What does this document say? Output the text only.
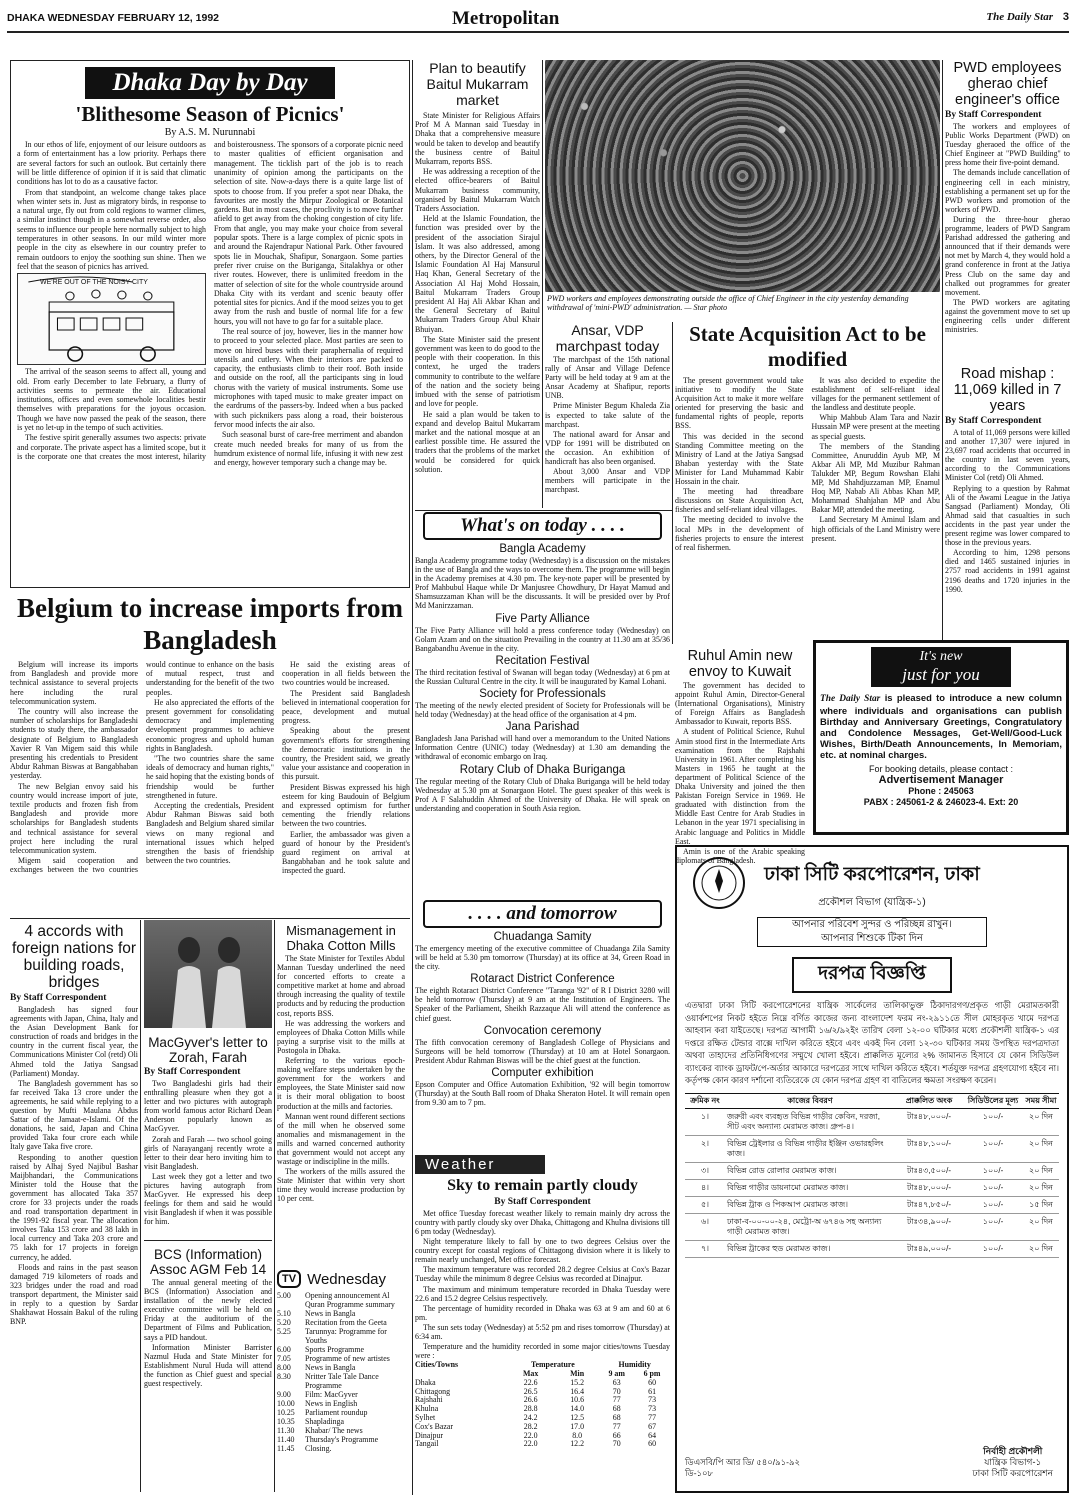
DHAKA WEDNESDAY FEBRUARY 12, 1992	Metropolitan	The Daily Star 3
Dhaka Day by Day
'Blithesome Season of Picnics'
By A.S. M. Nurunnabi

In our ethos of life, enjoyment of our leisure outdoors as a form of entertainment has a low priority. Perhaps there are several factors for such an outlook. But certainly there will be little difference of opinion if it is said that climatic conditions has lot to do as a causative factor.

From that standpoint, an welcome change takes place when winter sets in. Just as migratory birds, in response to a natural urge, fly out from cold regions to warmer climes, a similar instinct though in a somewhat reverse order, also seems to influence our people here normally subject to high temperatures in other seasons. In our mild winter more people in the city as elsewhere in our country prefer to remain outdoors to enjoy the soothing sun shine. Then we feel that the season of picnics has arrived.

WE'RE OUT OF THE NOISY CITY

The arrival of the season seems to affect all, young and old. From early December to late February, a flurry of activities seems to permeate the air. Educational institutions, offices and even somewhole localities bestir themselves with preparations for the joyous occasion. Though we have now passed the peak of the season, there is yet no let-up in the tempo of such activities.

The festive spirit generally assumes two aspects: private and corporate. The private aspect has a limited scope, but it is the corporate one that creates the most interest, hilarity and boisterousness. The sponsors of a corporate picnic need to master qualities of efficient organisation and management. The ticklish part of the job is to reach unanimity of opinion among the participants on the selection of site. Now-a-days there is a quite large list of spots to choose from. If you prefer a spot near Dhaka, the favourites are mostly the Mirpur Zoological or Botanical gardens. But in most cases, the proclivity is to move further afield to get away from the choking congestion of city life. From that angle, you may make your choice from several popular spots. There is a large complex of picnic spots in and around the Rajendrapur National Park. Other favoured spots lie in Mouchak, Shafipur, Sonargaon. Some parties prefer river cruise on the Buriganga, Sitalakhya or other river routes. However, there is unlimited freedom in the matter of selection of site for the whole countryside around Dhaka City with its verdant and scenic beauty offer potential sites for picnics. And if the mood seizes you to get away from the rush and bustle of normal life for a few hours, you will not have to go far for a suitable place.

The real source of joy, however, lies in the manner how to proceed to your selected place. Most parties are seen to move on hired buses with their paraphernalia of required utensils and cutlery. When their interiors are packed to capacity, the enthusiasts climb to their roof. Both inside and outside on the roof, all the participants sing in loud chorus with the variety of musical instruments. Some use microphones with taped music to make greater impact on the eardrums of the passers-by. Indeed when a bus packed with such picknikers pass along a road, their boisterous fervor mood infects the air also.

Such seasonal burst of care-free merriment and abandon create much needed breaks for many of us from the humdrum existence of normal life, infusing it with new zest and energy, however temporary such a change may be.

Belgium to increase imports from Bangladesh

Belgium will increase its imports from Bangladesh and provide more technical assistance to several projects here including the rural telecommunication system.

The country will also increase the number of scholarships for Bangladeshi students to study there, the ambassador designate of Belgium to Bangladesh Xavier R Van Migem said this while presenting his credentials to President Abdur Rahman Biswas at Bangabhaban yesterday.

The new Belgian envoy said his country would increase import of jute, textile products and frozen fish from Bangladesh and provide more scholarships for Bangladesh students and technical assistance for several project here including the rural telecommunication system.

Migem said cooperation and exchanges between the two countries would continue to enhance on the basis of mutual respect, trust and understanding for the benefit of the two peoples.

He also appreciated the efforts of the present government for consolidating democracy and implementing development programmes to achieve economic progress and uphold human rights in Bangladesh.

"The two countries share the same ideals of democracy and human rights," he said hoping that the existing bonds of friendship would be further strengthened in future.

Accepting the credentials, President Abdur Rahman Biswas said both Bangladesh and Belgium shared similar views on many regional and international issues which helped strengthen the basis of friendship between the two countries.

He said the existing areas of cooperation in all fields between the two countries would be increased.

The President said Bangladesh believed in international cooperation for peace, development and mutual progress.

Speaking about the present government's efforts for strengthening the democratic institutions in the country, the President said, we greatly value your assistance and cooperation in this pursuit.

President Biswas expressed his high esteem for king Baudouin of Belgium and expressed optimism for further cementing the friendly relations between the two countries.

Earlier, the ambassador was given a guard of honour by the President's guard regiment on arrival at Bangabhaban and he took salute and inspected the guard.

4 accords with foreign nations for building roads, bridges
By Staff Correspondent

Bangladesh has signed four agreements with Japan, China, Italy and the Asian Development Bank for construction of roads and bridges in the country in the current fiscal year, the Communications Minister Col (retd) Oli Ahmed told the Jatiya Sangsad (Parliament) Monday.

The Bangladesh government has so far received Taka 13 crore under the agreements, he said while replying to a question by Mufti Maulana Abdus Sattar of the Jamaat-e-Islami. Of the donations, he said, Japan and China provided Taka four crore each while Italy gave Taka five crore.

Responding to another question raised by Alhaj Syed Najibul Bashar Maijbhandari, the Communications Minister told the House that the government has allocated Taka 357 crore for 33 projects under the roads and road transportation department in the 1991-92 fiscal year. The allocation involves Taka 153 crore and 38 lakh in local currency and Taka 203 crore and 75 lakh for 17 projects in foreign currency, he added.

Floods and rains in the past season damaged 719 kilometers of roads and 323 bridges under the road and road transport department, the Minister said in reply to a question by Sardar Shakhawat Hossain Bakul of the ruling BNP.

MacGyver's letter to Zorah, Farah
By Staff Correspondent

Two Bangladeshi girls had their enthralling pleasure when they got a letter and two pictures with autograph from world famous actor Richard Dean Anderson popularly known as MacGyver.

Zorah and Farah — two school going girls of Narayanganj recently wrote a letter to their dear hero inviting him to visit Bangladesh.

Last week they got a letter and two pictures having autograph from MacGyver. He expressed his deep feelings for them and said he would visit Bangladesh if when it was possible for him.

BCS (Information) Assoc AGM Feb 14

The annual general meeting of the BCS (Information) Association and installation of the newly elected executive committee will be held on Friday at the auditorium of the Department of Films and Publication, says a PID handout.

Information Minister Barrister Nazmul Huda and State Minister for Establishment Nurul Huda will attend the function as Chief guest and special guest respectively.

Mismanagement in Dhaka Cotton Mills

The State Minister for Textiles Abdul Mannan Tuesday underlined the need for concerted efforts to create a competitive market at home and abroad through increasing the quality of textile products and by reducing the production cost, reports BSS.

He was addressing the workers and employees of Dhaka Cotton Mills while paying a surprise visit to the mills at Postogola in Dhaka.

Referring to the various epoch-making welfare steps undertaken by the government for the workers and employees, the State Minister said now it is their moral obligation to boost production at the mills and factories.

Mannan went round different sections of the mill when he observed some anomalies and mismanagement in the mills and warned concerned authority that government would not accept any wastage or indiscipline in the mills.

The workers of the mills assured the State Minister that within very short time they would increase production by 10 per cent.

TV Wednesday
5.00	Opening announcement Al Quran Programme summary
5.10	News in Bangla
5.20	Recitation from the Geeta
5.25	Tarunnya: Programme for Youths
6.00	Sports Programme
7.05	Programme of new artistes
8.00	News in Bangla
8.30	Nritter Tale Tale Dance Programme
9.00	Film: MacGyver
10.00	News in English
10.25	Parliament roundup
10.35	Shapladinga
11.30	Khabar/ The news
11.40	Thursday's Programme
11.45	Closing.
Plan to beautify Baitul Mukarram market

State Minister for Religious Affairs Prof M A Mannan said Tuesday in Dhaka that a comprehensive measure would be taken to develop and beautify the business centre of Baitul Mukarram, reports BSS.

He was addressing a reception of the elected office-bearers of Baitul Mukarram business community, organised by Baitul Mukarram Watch Traders Association.

Held at the Islamic Foundation, the function was presided over by the president of the association Sirajul Islam. It was also addressed, among others, by the Director General of the Islamic Foundation Al Haj Mansurul Haq Khan, General Secretary of the Association Al Haj Mohd Hossain, Baitul Mukarram Traders Group president Al Haj Ali Akbar Khan and the General Secretary of Baitul Mukarram Traders Group Abul Khair Bhuiyan.

The State Minister said the present government was keen to do good to the people with their cooperation. In this context, he urged the traders community to contribute to the welfare of the nation and the society being imbued with the sense of patriotism and love for people.

He said a plan would be taken to expand and develop Baitul Mukarram market and the national mosque at an earliest possible time. He assured the traders that the problems of the market would be considered for quick solution.

PWD workers and employees demonstrating outside the office of Chief Engineer in the city yesterday demanding withdrawal of 'mini-PWD' administration. — Star photo
PWD employees gherao chief engineer's office
By Staff Correspondent

The workers and employees of Public Works Department (PWD) on Tuesday gheraoed the office of the Chief Engineer at "PWD Building" to press home their five-point demand.

The demands include cancellation of engineering cell in each ministry, establishing a permanent set up for the PWD workers and promotion of the workers of PWD.

During the three-hour gherao programme, leaders of PWD Sangram Parishad addressed the gathering and announced that if their demands were not met by March 4, they would hold a grand conference in front at the Jatiya Press Club on the same day and chalked out programmes for greater movement.

The PWD workers are agitating against the government move to set up engineering cells under different ministries.

Road mishap : 11,069 killed in 7 years
By Staff Correspondent

A total of 11,069 persons were killed and another 17,307 were injured in 23,697 road accidents that occurred in the country in last seven years, according to the Communications Minister Col (retd) Oli Ahmed.

Replying to a question by Rahmat Ali of the Awami League in the Jatiya Sangsad (Parliament) Monday, Oli Ahmad said that casualties in such accidents in the past year under the present regime was lower compared to those in the previous years.

According to him, 1298 persons died and 1465 sustained injuries in 2757 road accidents in 1991 against 2196 deaths and 1720 injuries in the 1990.

Ansar, VDP marchpast today

The marchpast of the 15th national rally of Ansar and Village Defence Party will be held today at 9 am at the Ansar Academy at Shafipur, reports UNB.

Prime Minister Begum Khaleda Zia is expected to take salute of the marchpast.

The national award for Ansar and VDP for 1991 will be distributed on the occasion. An exhibition of handicraft has also been organised.

About 3,000 Ansar and VDP members will participate in the marchpast.

State Acquisition Act to be modified

The present government would take initiative to modify the State Acquisition Act to make it more welfare oriented for preserving the basic and fundamental rights of people, reports BSS.

This was decided in the second Standing Committee meeting on the Ministry of Land at the Jatiya Sangsad Bhaban yesterday with the State Minister for Land Muhammad Kabir Hossain in the chair.

The meeting had threadbare discussions on State Acquisition Act, fisheries and self-reliant ideal villages.

The meeting decided to involve the local MPs in the development of fisheries projects to ensure the interest of real fishermen.

It was also decided to expedite the establishment of self-reliant ideal villages for the permanent settlement of the landless and destitute people.

Whip Mahbub Alam Tara and Nazir Hussain MP were present at the meeting as special guests.

The members of the Standing Committee, Anuruddin Ayub MP, M Akbar Ali MP, Md Muzibur Rahman Talukder MP, Begum Rowshan Elahi MP, Md Shahdjuzzaman MP, Enamul Hoq MP, Nabab Ali Abbas Khan MP, Mohammad Shahjahan MP and Abu Bakar MP, attended the meeting.

Land Secretary M Aminul Islam and high officials of the Land Ministry were present.

What's on today . . . .
Bangla Academy
Bangla Academy programme today (Wednesday) is a discussion on the mistakes in the use of Bangla and the ways to overcome them. The programme will begin in the Academy premises at 4.30 pm. The key-note paper will be presented by Prof Mahbubul Haque while Dr Manjusree Chowdhury, Dr Hayat Mamud and Shamsuzzaman Khan will be the discussants. It will be presided over by Prof Md Manirzzaman.
Five Party Alliance
The Five Party Alliance will hold a press conference today (Wednesday) on Golam Azam and on the situation Prevailing in the country at 11.30 am at 35/36 Bangabandhu Avenue in the city.
Recitation Festival
The third recitation festival of Swanan will began today (Wednesday) at 6 pm at the Russian Cultural Centre in the city. It will be inaugurated by Kamal Lohani.
Society for Professionals
The meeting of the newly elected president of Society for Professionals will be held today (Wednesday) at the head office of the organisation at 4 pm.
Jana Parishad
Bangladesh Jana Parishad will hand over a memorandum to the United Nations Information Centre (UNIC) today (Wednesday) at 1.30 am demanding the withdrawal of economic embargo on Iraq.
Rotary Club of Dhaka Buriganga
The regular meeting of the Rotary Club of Dhaka Buriganga will be held today Wednesday at 5.30 pm at Sonargaon Hotel. The guest speaker of this week is Prof A F Salahuddin Ahmed of the University of Dhaka. He will speak on understanding and cooperation in South Asia region.
. . . . and tomorrow
Chuadanga Samity
The emergency meeting of the executive committee of Chuadanga Zila Samity will be held at 5.30 pm tomorrow (Thursday) at its office at 34, Green Road in the city.
Rotaract District Conference
The eighth Rotaract District Conference "Taranga '92" of R I District 3280 will be held tomorrow (Thursday) at 9 am at the Institution of Engineers. The Speaker of the Parliament, Sheikh Razzaque Ali will attend the conference as chief guest.
Convocation ceremony
The fifth convocation ceremony of Bangladesh College of Physicians and Surgeons will be held tomorrow (Thursday) at 10 am at Hotel Sonargaon. President Abdur Rahman Biswas will be the chief guest at the function.
Computer exhibition
Epson Computer and Office Automation Exhibition, '92 will begin tomorrow (Thursday) at the South Ball room of Dhaka Sheraton Hotel. It will remain open from 9.30 am to 7 pm.
Weather
Sky to remain partly cloudy
By Staff Correspondent

Met office Tuesday forecast weather likely to remain mainly dry across the country with partly cloudy sky over Dhaka, Chittagong and Khulna divisions till 6 pm today (Wednesday).

Night temperature likely to fall by one to two degrees Celsius over the country except for coastal regions of Chittagong division where it is likely to remain nearly unchanged, Met office forecast.

The maximum temperature was recorded 28.2 degree Celsius at Cox's Bazar Tuesday while the minimum 8 degree Celsius was recorded at Dinajpur.

The maximum and minimum temperature recorded in Dhaka Tuesday were 22.6 and 15.2 degree Celsius respectively.

The percentage of humidity recorded in Dhaka was 63 at 9 am and 60 at 6 pm.

The sun sets today (Wednesday) at 5:52 pm and rises tomorrow (Thursday) at 6:34 am.

Temperature and the humidity recorded in some major cities/towns Tuesday were :

Cities/Towns	Temperature		Humidity	
	Max	Min	9 am	6 pm
Dhaka	22.6	15.2	63	60
Chittagong	26.5	16.4	70	61
Rajshahi	26.6	10.6	77	73
Khulna	28.8	14.0	68	73
Sylhet	24.2	12.5	68	77
Cox's Bazar	28.2	17.0	77	67
Dinajpur	22.0	8.0	66	64
Tangail	22.0	12.2	70	60
Ruhul Amin new envoy to Kuwait

The government has decided to appoint Ruhul Amin, Director-General (International Organisations), Ministry of Foreign Affairs as Bangladesh Ambassador to Kuwait, reports BSS.

A student of Political Science, Ruhul Amin stood first in the Intermediate Arts examination from the Rajshahi University in 1961. After completing his Masters in 1965 he taught at the department of Political Science of the Dhaka University and joined the then Pakistan Foreign Service in 1969. He graduated with distinction from the Middle East Centre for Arab Studies in Lebanon in the year 1971 specialising in Arabic language and Politics in Middle East.

Amin is one of the Arabic speaking diplomats of Bangladesh.

It's new
just for you
The Daily Star is pleased to introduce a new column where individuals and organisations can publish Birthday and Anniversary Greetings, Congratulatory and Condolence Messages, Get-Well/Good-Luck Wishes, Birth/Death Announcements, In Memoriam, etc. at nominal charges.
For booking details, please contact :
Advertisement Manager
Phone : 245063
PABX : 245061-2 & 246023-4. Ext: 20
ঢাকা সিটি করপোরেশন, ঢাকা
প্রকৌশল বিভাগ (যান্ত্রিক-১)
আপনার পরিবেশ সুন্দর ও পরিচ্ছন্ন রাখুন।
আপনার শিশুকে টিকা দিন
দরপত্র বিজ্ঞপ্তি
এতদ্বারা ঢাকা সিটি করপোরেশনের যান্ত্রিক সার্কেলের তালিকাভুক্ত ঠিকাদারগণ/প্রকৃত গাড়ী মেরামতকারী ওয়ার্কশপের নিকট হইতে নিম্নে বর্ণিত কাজের জন্য বাংলাদেশ ফরম নং-২৯১১তে সীল মোহরকৃত খামে দরপত্র আহবান করা যাইতেছে। দরপত্র আগামী ১৬/২/৯২ইং তারিখ বেলা ১২-০০ ঘটিকার মধ্যে প্রকৌশলী যান্ত্রিক-১ এর দপ্তরে রক্ষিত টেন্ডার বাক্সে দাখিল করিতে হইবে এবং একই দিন বেলা ১২-৩০ ঘটিকার সময় উপস্থিত দরপত্রদাতা অথবা তাহাদের প্রতিনিধিগণের সম্মুখে খোলা হইবে। প্রাক্কলিত মূল্যের ২% জামানত হিসাবে যে কোন সিডিউল ব্যাংকের ব্যাংক ড্রাফট/পে-অর্ডার আকারে দরপত্রের সাথে দাখিল করিতে হইবে। শর্তযুক্ত দরপত্র গ্রহণযোগ্য হইবে না। কর্তৃপক্ষ কোন কারণ দর্শানো ব্যতিরেকে যে কোন দরপত্র গ্রহণ বা বাতিলের ক্ষমতা সংরক্ষণ করেন।
ক্রমিক নং	কাজের বিবরণ	প্রাক্কলিত অংক	সিডিউলের মূল্য	সময় সীমা
১।	জরুরী এবং ব্যবহৃত বিভিন্ন গাড়ীর কেবিন, দরজা, সীট এবং অন্যান্য মেরামত কাজ। গ্রুপ-৪।	টাঃ৪৮,০০০/-	১০০/-	২০ দিন
২।	বিভিন্ন ট্রেইলার ও বিভিন্ন গাড়ীর ইঞ্জিন ওভারহলিং কাজ।	টাঃ৪৮,১০০/-	১০০/-	২০ দিন
৩।	বিভিন্ন রোড রোলার মেরামত কাজ।	টাঃ৪৩,৫০০/-	১০০/-	২০ দিন
৪।	বিভিন্ন গাড়ীর ডায়নামো মেরামত কাজ।	টাঃ৪৮,০০০/-	১০০/-	২০ দিন
৫।	বিভিন্ন ট্রাক ও পিকআপ মেরামত কাজ।	টাঃ৪৭,৮৫০/-	১০০/-	১৫ দিন
৬।	ঢাকা-ব-০০-০০-২৪, মেট্রো-অ ৬৭৪৬ সহ অন্যান্য গাড়ী মেরামত কাজ।	টাঃ৩৪,৯০০/-	১০০/-	২০ দিন
৭।	বিভিন্ন ট্রাকের হুড মেরামত কাজ।	টাঃ৪৯,০০০/-	১০০/-	২০ দিন
নির্বাহী প্রকৌশলী
যান্ত্রিক বিভাগ-১
ঢাকা সিটি করপোরেশন
ডিএসবি/পি আর ডি/ ৫৪০/৯১-৯২
ডি-১০৮
